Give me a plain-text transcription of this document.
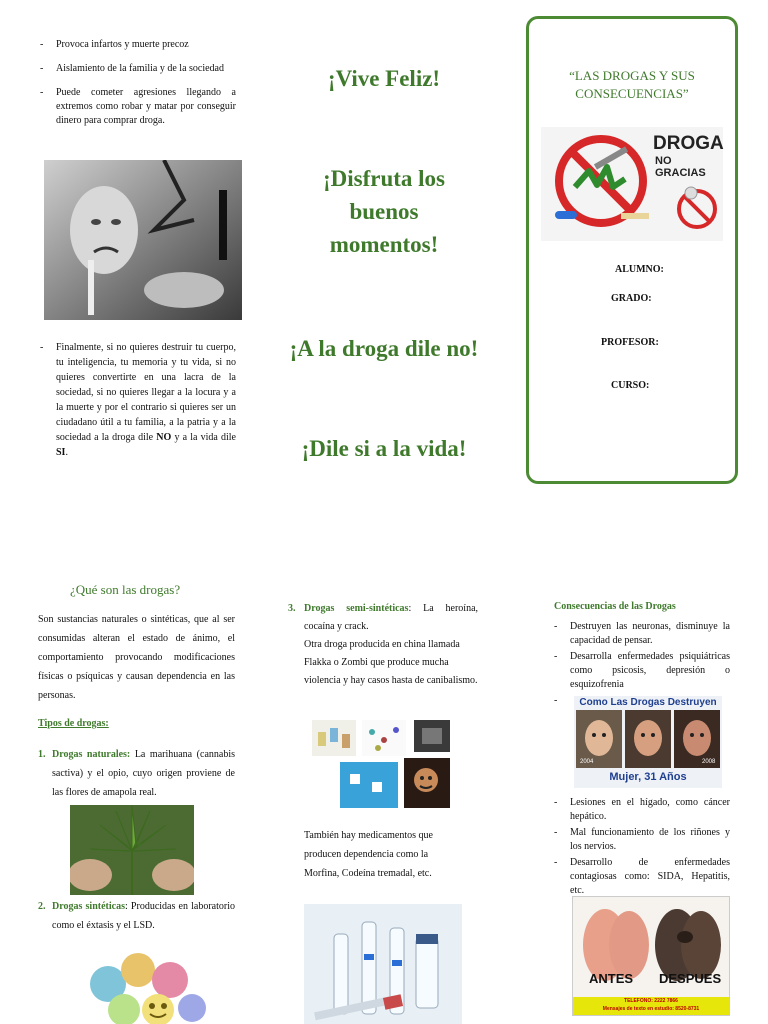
- Provoca infartos y muerte precoz
- Aislamiento de la familia y de la sociedad
- Puede cometer agresiones llegando a extremos como robar y matar por conseguir dinero para comprar droga.
- Finalmente, si no quieres destruir tu cuerpo, tu inteligencia, tu memoria y tu vida, si no quieres convertirte en una lacra de la sociedad, si no quieres llegar a la locura y a la muerte y por el contrario si quieres ser un ciudadano útil a tu familia, a la patria y a la sociedad a la droga dile NO y a la vida dile SI.
¡Vive Feliz!
¡Disfruta los buenos momentos!
¡A la droga dile no!
¡Dile si a la vida!
“LAS DROGAS Y SUS CONSECUENCIAS”
DROGA
NO GRACIAS
ALUMNO:
GRADO:
PROFESOR:
CURSO:
¿Qué son las drogas?
Son sustancias naturales o sintéticas, que al ser consumidas alteran el estado de ánimo, el comportamiento provocando modificaciones físicas o psíquicas y causan dependencia en las personas.
Tipos de drogas:
1. Drogas naturales: La marihuana (cannabis sactiva) y el opio, cuyo origen proviene de las flores de amapola real.
2. Drogas sintéticas: Producidas en laboratorio como el éxtasis y el LSD.
3. Drogas semi-sintéticas: La heroína, cocaína y crack.
Otra droga producida en china llamada Flakka o Zombi que produce mucha violencia y hay casos hasta de canibalismo.
También hay medicamentos que producen dependencia como la Morfina, Codeína tremadal, etc.
Consecuencias de las Drogas
- Destruyen las neuronas, disminuye la capacidad de pensar.
- Desarrolla enfermedades psiquiátricas como psicosis, depresión o esquizofrenia
-
Como Las Drogas Destruyen
2004	2008
Mujer, 31 Años
- Lesiones en el hígado, como cáncer hepático.
- Mal funcionamiento de los riñones y los nervios.
- Desarrollo de enfermedades contagiosas como: SIDA, Hepatitis, etc.
ANTES DESPUES
TELEFONO: 2222 7866
Mensajes de texto en estudio: 8520-8731
